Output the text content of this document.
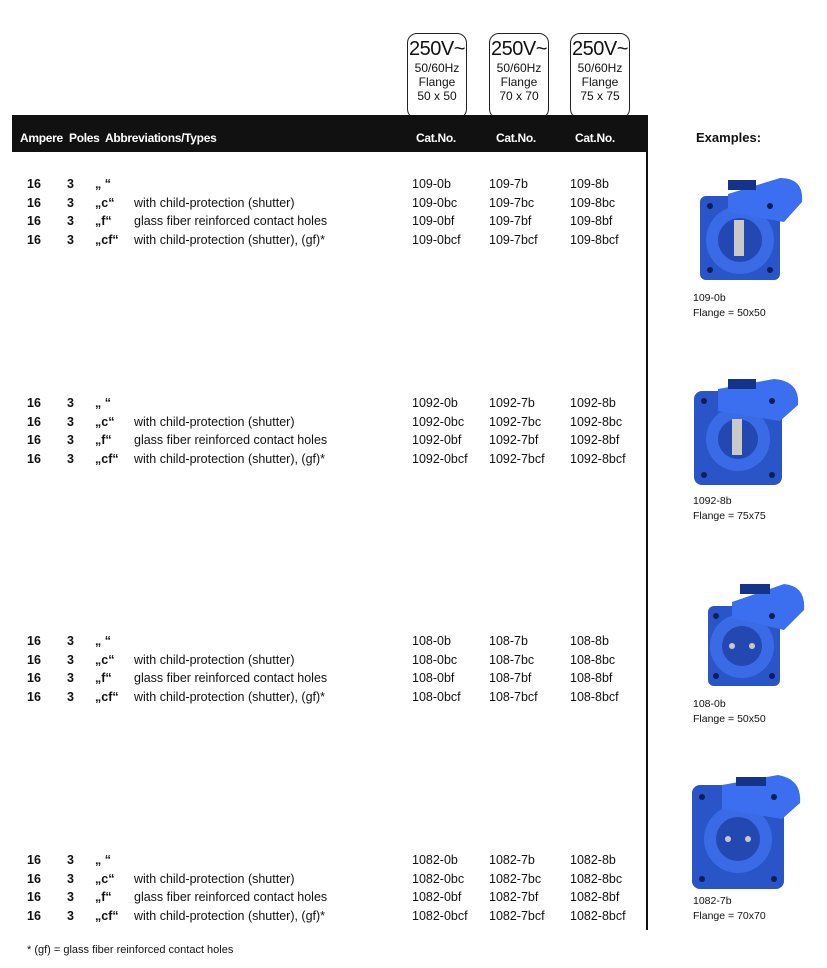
250V~
50/60Hz
Flange
50 x 50
250V~
50/60Hz
Flange
70 x 70
250V~
50/60Hz
Flange
75 x 75
Ampere Poles Abbreviations/Types	Cat.No.	Cat.No.	Cat.No.	Examples:
16 3 „ “	109-0b	109-7b	109-8b
16 3 „c“ with child-protection (shutter)	109-0bc	109-7bc	109-8bc
16 3 „f“ glass fiber reinforced contact holes	109-0bf	109-7bf	109-8bf
16 3 „cf“ with child-protection (shutter), (gf)*	109-0bcf 109-7bcf	109-8bcf
16 3 „ “	1092-0b 1092-7b	1092-8b
16 3 „c“ with child-protection (shutter)	1092-0bc 1092-7bc 1092-8bc
16 3 „f“ glass fiber reinforced contact holes	1092-0bf 1092-7bf	1092-8bf
16 3 „cf“ with child-protection (shutter), (gf)*	1092-0bcf 1092-7bcf 1092-8bcf
16 3 „ “	108-0b	108-7b	108-8b
16 3 „c“ with child-protection (shutter)	108-0bc	108-7bc	108-8bc
16 3 „f“ glass fiber reinforced contact holes	108-0bf	108-7bf	108-8bf
16 3 „cf“ with child-protection (shutter), (gf)*	108-0bcf 108-7bcf	108-8bcf
16 3 „ “	1082-0b 1082-7b	1082-8b
16 3 „c“ with child-protection (shutter)	1082-0bc 1082-7bc 1082-8bc
16 3 „f“ glass fiber reinforced contact holes	1082-0bf 1082-7bf	1082-8bf
16 3 „cf“ with child-protection (shutter), (gf)*	1082-0bcf 1082-7bcf 1082-8bcf
109-0b
Flange = 50x50
1092-8b
Flange = 75x75
108-0b
Flange = 50x50
1082-7b
Flange = 70x70
* (gf) = glass fiber reinforced contact holes
